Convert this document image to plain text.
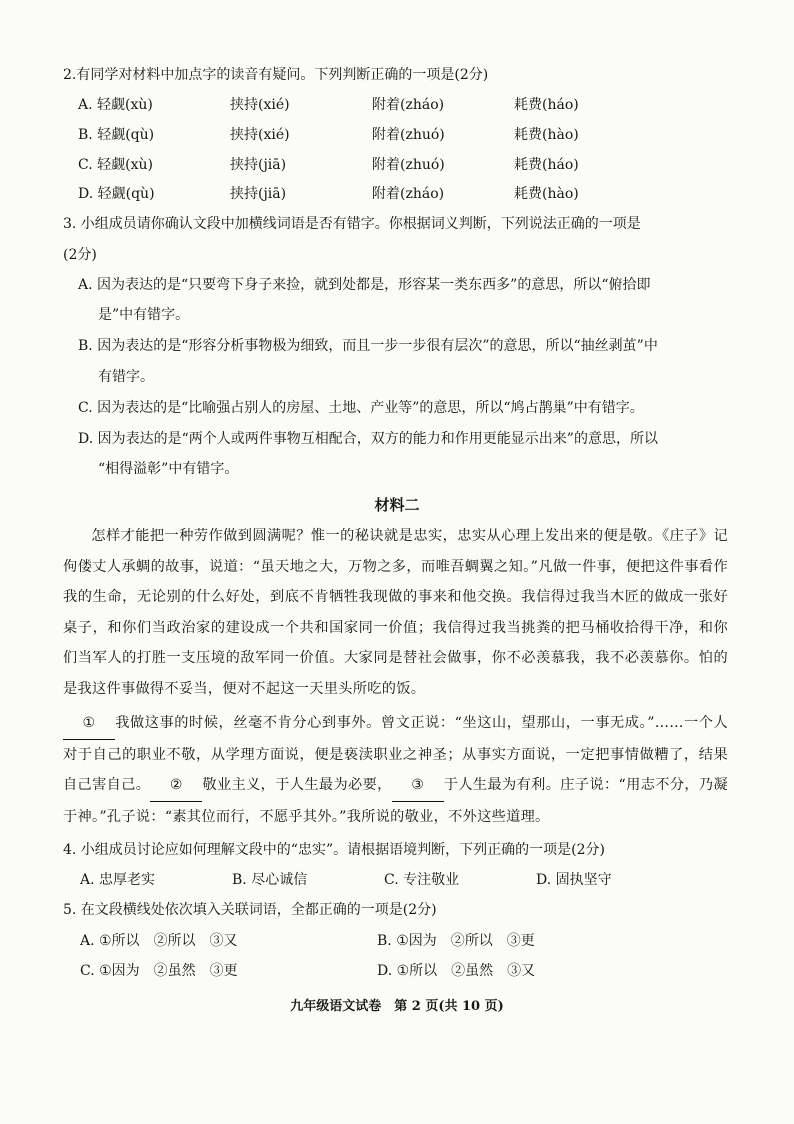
2.有同学对材料中加点字的读音有疑问。下列判断正确的一项是(2分)
A. 轻觑(xù)	挟持(xié)	附着(zháo)	耗费(háo)
B. 轻觑(qù)	挟持(xié)	附着(zhuó)	耗费(hào)
C. 轻觑(xù)	挟持(jiā)	附着(zhuó)	耗费(háo)
D. 轻觑(qù)	挟持(jiā)	附着(zháo)	耗费(hào)
3. 小组成员请你确认文段中加横线词语是否有错字。你根据词义判断，下列说法正确的一项是
(2分)
A. 因为表达的是“只要弯下身子来捡，就到处都是，形容某一类东西多”的意思，所以“俯拾即
是”中有错字。
B. 因为表达的是“形容分析事物极为细致，而且一步一步很有层次”的意思，所以“抽丝剥茧”中
有错字。
C. 因为表达的是“比喻强占别人的房屋、土地、产业等”的意思，所以“鸠占鹊巢”中有错字。
D. 因为表达的是“两个人或两件事物互相配合，双方的能力和作用更能显示出来”的意思，所以
“相得溢彰”中有错字。
材料二
怎样才能把一种劳作做到圆满呢？惟一的秘诀就是忠实，忠实从心理上发出来的便是敬。《庄子》记佝偻丈人承蜩的故事，说道：“虽天地之大，万物之多，而唯吾蜩翼之知。”凡做一件事，便把这件事看作我的生命，无论别的什么好处，到底不肯牺牲我现做的事来和他交换。我信得过我当木匠的做成一张好桌子，和你们当政治家的建设成一个共和国家同一价值；我信得过我当挑粪的把马桶收拾得干净，和你们当军人的打胜一支压境的敌军同一价值。大家同是替社会做事，你不必羡慕我，我不必羡慕你。怕的是我这件事做得不妥当，便对不起这一天里头所吃的饭。
① 我做这事的时候，丝毫不肯分心到事外。曾文正说：“坐这山，望那山，一事无成。”……一个人对于自己的职业不敬，从学理方面说，便是亵渎职业之神圣；从事实方面说，一定把事情做糟了，结果自己害自己。 ② 敬业主义，于人生最为必要， ③ 于人生最为有利。庄子说：“用志不分，乃凝于神。”孔子说：“素其位而行，不愿乎其外。”我所说的敬业，不外这些道理。
4. 小组成员讨论应如何理解文段中的“忠实”。请根据语境判断，下列正确的一项是(2分)
A. 忠厚老实	B. 尽心诚信	C. 专注敬业	D. 固执坚守
5. 在文段横线处依次填入关联词语，全都正确的一项是(2分)
A. ①所以　②所以　③又	B. ①因为　②所以　③更
C. ①因为　②虽然　③更	D. ①所以　②虽然　③又
九年级语文试卷　第 2 页(共 10 页)
